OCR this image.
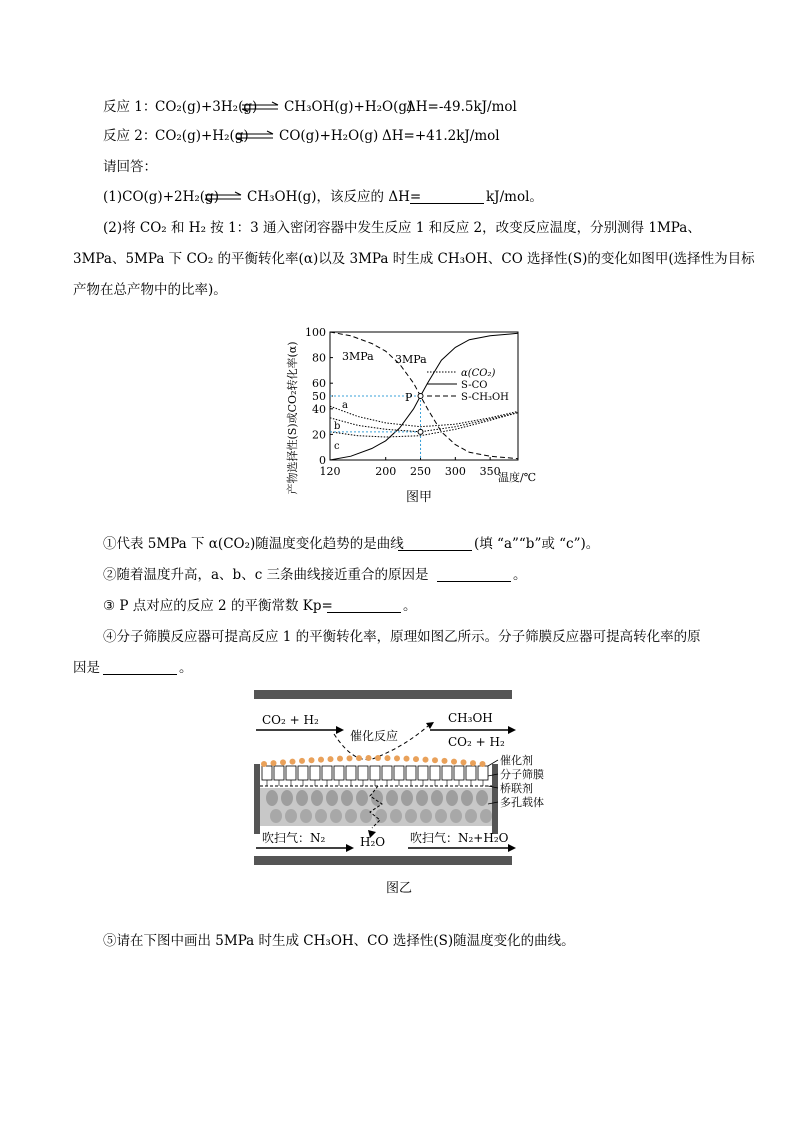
反应 1：
CO₂(g)+3H₂(g) ⇌ CH₃OH(g)+H₂O(g)
ΔH=-49.5kJ/mol
反应 2：
CO₂(g)+H₂(g) ⇌ CO(g)+H₂O(g) ΔH=+41.2kJ/mol
请回答：
(1)CO(g)+2H₂(g) ⇌ CH₃OH(g)，该反应的 ΔH=	kJ/mol。
(2)将 CO₂ 和 H₂ 按 1：3 通入密闭容器中发生反应 1 和反应 2，改变反应温度，分别测得 1MPa、
3MPa、5MPa 下 CO₂ 的平衡转化率(α)以及 3MPa 时生成 CH₃OH、CO 选择性(S)的变化如图甲(选择性为目标
产物在总产物中的比率)。
0
20
40
50
60
80
100
120	200 250 300 350
产物选择性(S)或CO₂转化率(α)	温度/℃
3MPa 3MPa
P
a
b
c
α(CO₂)
S-CO
S-CH₃OH
图甲
①代表 5MPa 下 α(CO₂)随温度变化趋势的是曲线	(填 “a”“b”或 “c”)。
②随着温度升高，a、b、c 三条曲线接近重合的原因是	。
③ P 点对应的反应 2 的平衡常数 Kp=	。
④分子筛膜反应器可提高反应 1 的平衡转化率，原理如图乙所示。分子筛膜反应器可提高转化率的原
因是	。
CO₂ + H₂
催化反应
CH₃OH
CO₂ + H₂
H₂O
催化剂
分子筛膜
桥联剂
多孔载体
吹扫气：N₂	吹扫气：N₂+H₂O
图乙
⑤请在下图中画出 5MPa 时生成 CH₃OH、CO 选择性(S)随温度变化的曲线。
